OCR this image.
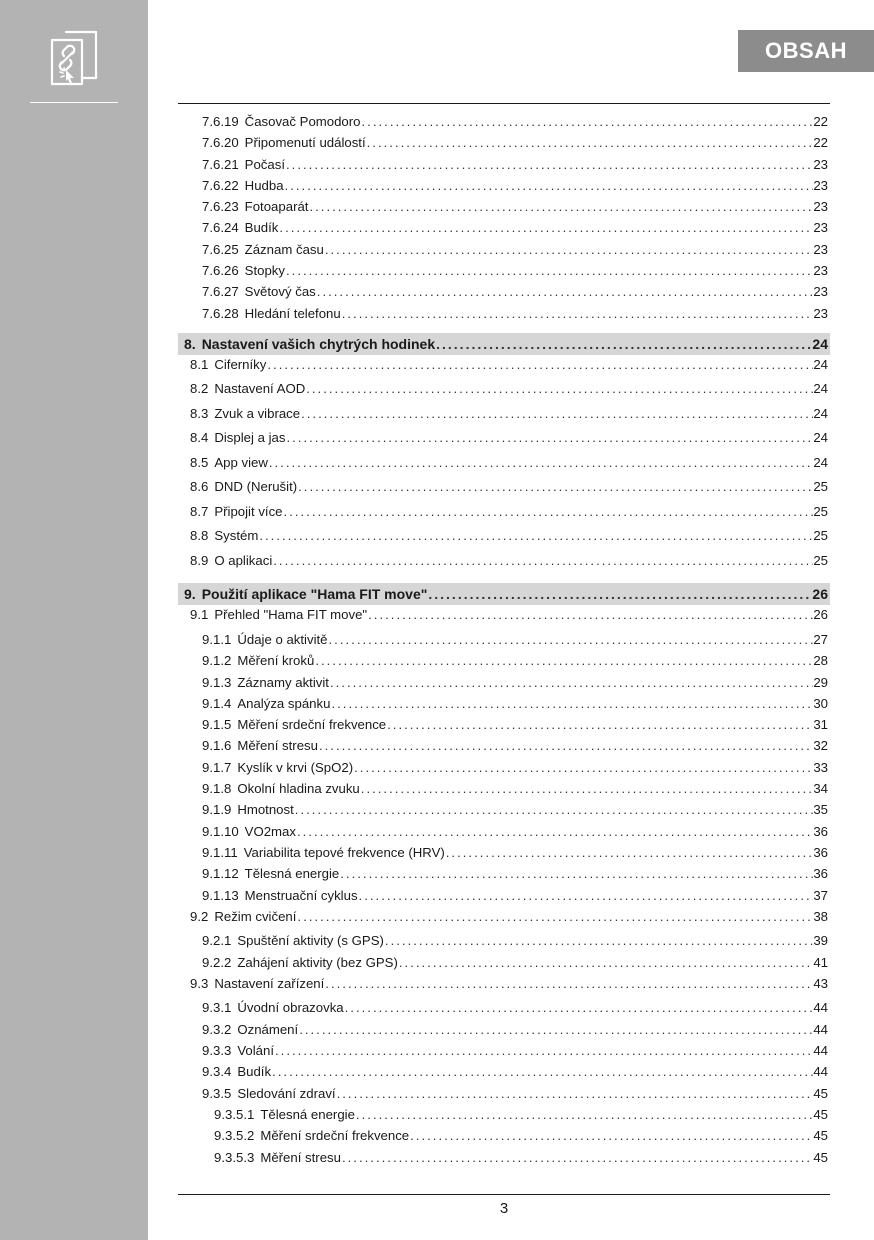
OBSAH
7.6.19 Časovač Pomodoro .....	22
7.6.20 Připomenutí událostí .....	22
7.6.21 Počasí .....	23
7.6.22 Hudba .....	23
7.6.23 Fotoaparát .....	23
7.6.24 Budík .....	23
7.6.25 Záznam času .....	23
7.6.26 Stopky .....	23
7.6.27 Světový čas .....	23
7.6.28 Hledání telefonu .....	23
8. Nastavení vašich chytrých hodinek .....	24
8.1 Ciferníky .....	24
8.2 Nastavení AOD .....	24
8.3 Zvuk a vibrace .....	24
8.4 Displej a jas .....	24
8.5 App view .....	24
8.6 DND (Nerušit) .....	25
8.7 Připojit více .....	25
8.8 Systém .....	25
8.9 O aplikaci .....	25
9. Použití aplikace "Hama FIT move" .....	26
9.1 Přehled "Hama FIT move" .....	26
9.1.1 Údaje o aktivitě .....	27
9.1.2 Měření kroků .....	28
9.1.3 Záznamy aktivit .....	29
9.1.4 Analýza spánku .....	30
9.1.5 Měření srdeční frekvence .....	31
9.1.6 Měření stresu .....	32
9.1.7 Kyslík v krvi (SpO2) .....	33
9.1.8 Okolní hladina zvuku .....	34
9.1.9 Hmotnost .....	35
9.1.10 VO2max .....	36
9.1.11 Variabilita tepové frekvence (HRV) .....	36
9.1.12 Tělesná energie .....	36
9.1.13 Menstruační cyklus .....	37
9.2 Režim cvičení .....	38
9.2.1 Spuštění aktivity (s GPS) .....	39
9.2.2 Zahájení aktivity (bez GPS) .....	41
9.3 Nastavení zařízení .....	43
9.3.1 Úvodní obrazovka .....	44
9.3.2 Oznámení .....	44
9.3.3 Volání .....	44
9.3.4 Budík .....	44
9.3.5 Sledování zdraví .....	45
9.3.5.1 Tělesná energie .....	45
9.3.5.2 Měření srdeční frekvence .....	45
9.3.5.3 Měření stresu .....	45
3
